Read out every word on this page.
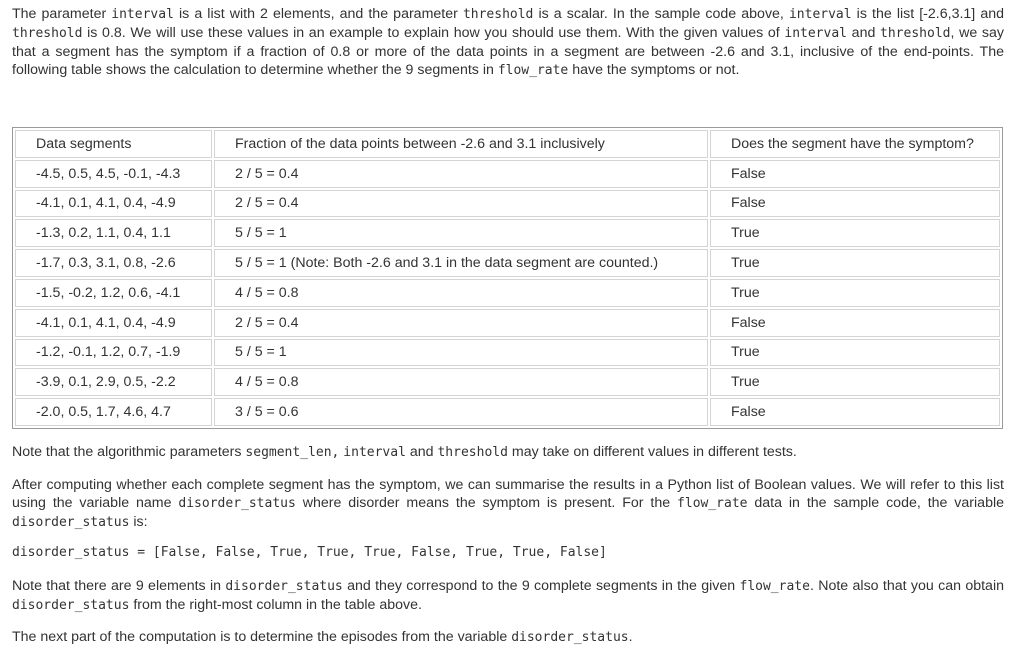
The parameter interval is a list with 2 elements, and the parameter threshold is a scalar. In the sample code above, interval is the list [-2.6,3.1] and threshold is 0.8. We will use these values in an example to explain how you should use them. With the given values of interval and threshold, we say that a segment has the symptom if a fraction of 0.8 or more of the data points in a segment are between -2.6 and 3.1, inclusive of the end-points. The following table shows the calculation to determine whether the 9 segments in flow_rate have the symptoms or not.

Data segments	Fraction of the data points between -2.6 and 3.1 inclusively	Does the segment have the symptom?
-4.5, 0.5, 4.5, -0.1, -4.3	2 / 5 = 0.4	False
-4.1, 0.1, 4.1, 0.4, -4.9	2 / 5 = 0.4	False
-1.3, 0.2, 1.1, 0.4, 1.1	5 / 5 = 1	True
-1.7, 0.3, 3.1, 0.8, -2.6	5 / 5 = 1 (Note: Both -2.6 and 3.1 in the data segment are counted.)	True
-1.5, -0.2, 1.2, 0.6, -4.1	4 / 5 = 0.8	True
-4.1, 0.1, 4.1, 0.4, -4.9	2 / 5 = 0.4	False
-1.2, -0.1, 1.2, 0.7, -1.9	5 / 5 = 1	True
-3.9, 0.1, 2.9, 0.5, -2.2	4 / 5 = 0.8	True
-2.0, 0.5, 1.7, 4.6, 4.7	3 / 5 = 0.6	False

Note that the algorithmic parameters segment_len, interval and threshold may take on different values in different tests.

After computing whether each complete segment has the symptom, we can summarise the results in a Python list of Boolean values. We will refer to this list using the variable name disorder_status where disorder means the symptom is present. For the flow_rate data in the sample code, the variable disorder_status is:

disorder_status = [False, False, True, True, True, False, True, True, False]

Note that there are 9 elements in disorder_status and they correspond to the 9 complete segments in the given flow_rate. Note also that you can obtain disorder_status from the right-most column in the table above.

The next part of the computation is to determine the episodes from the variable disorder_status.
